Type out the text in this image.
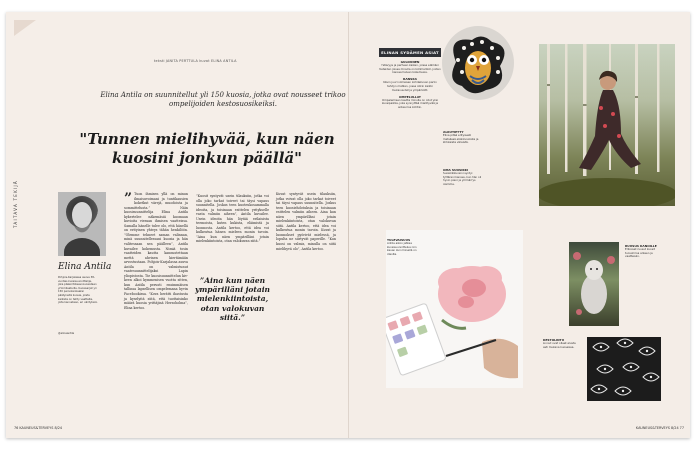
teksti JANITA PERTTULA kuvat ELINA ANTILA
Elina Antila on suunnitellut yli 150 kuosia, jotka ovat nousseet trikoo ompelijoiden kestosuosikeiksi.
"Tunnen mielihyvää, kun näen kuosini jonkun päällä"
TAITAVA TEKIJÄ
Elina Antila
Pohjois-Karjalassa asuva 38-vuotias kuosisuunnittelija, joka pääsiirtoteesi-kuosistaan yrtomilaatuilla. Kuosisarjat yli 150 painokankaaksi päätyneitä kuosia, joista kaikista on tehty vaatteita, joita kannetaan, eri värityksiä.
@elinaantila
” Tuon ihmisen yllä on minun ilmaisuvoimani ja tuntikausien koketkut värejä, muodoista ja sommittelusta.” Näin kuosisuunnittelija Elina Antila kykertelee näkemäsiä kuomaan kuvioita vieraan ihmisen vaatteissa. Samalla hänelle tulee olo, että hänellä on erityinen yhteys tähän henkilöön. ”Olemme tehneet saman valinnan, minä suunnitellessani kuosia ja hän valitessaan sen päälleen”, Antila kuvailee kokemusta. Nimiä tosin vaatteiden kautta kannustettaan mettä ahvinen kiertämään arvostustaan. Pohjois-Karjalassa asuva Antila on valmistunut vaatesuunnittelijaksi Lapin yliopistosta. Tie kuosisuunnittelun kiv-keen alkoi kymmenisen vuotta sitten, kun Antila perusti ensimmäisen tallinsa lapsellisen ompelemana hyvin Facebookissa. ”Kova herätti ihastusta ja kyselyitä siitä, että tuottaisinko määrä kuosia yrittäjinä Hersoholma”, Elina kertoo.
”Kuosit syntyvät usein tilauksiin, jotka voi olla joko tarkat toiveet tai täysi vapaus suunnitella. Joskus teen kuoteukosammalla ideoita, ja toisinaan esittelen yritykselle vasta valmiin aiheen”, Antila kuvailee. Usein ideoita hän löytää erilaisista teemoista, kuten kukista, eläimistä ja luonnosta. Antila kertoo, että idea voi kulkeutua hänen mieleen monin tavoin. ”Aina kun näen ympärilläni jotain mielenkiintoista, otan valokuvan siitä.”
”Aina kun näen ympärilläni jotain mielenkiintoista, otan valokuvan siitä.”
Kuvat syntyvät usein tilauksiin, jotka voivat olla joko tarkat toiveet tai täysi vapaus suunnitella. Joskus teen kuosiehdotuksia ja toisinaan esittelen valmiin aiheen. Aina kun näen ympärilläni jotain mielenkiintoista, otan valokuvan siitä. Antila kertoo, että idea voi kulkeutua monin tavoin. Kuvat ja luonnokset pyörivät mielessä, ja lopulta ne siirtyvät paperille. ”Kun kuosi on valmis, minulla on siitä mielihyvä olo”, Antila kertoo.
76 KAUNEUS&TERVEYS 8/24
ELINAN SYDÄMEN ASIAT
GULDUNEN
Ystävyys ja perheen kaiken, joissa elämäni tieteiden joissa minulla on kotimarikot, joiden kanssa haluan kokemusia.
RANSKA
Kävin juuri viimeisen kohdekuvan pariin tehdyn matkan, jossa olikin kaikki mukavuudet ja ympäristöt.
OMPELULLAT
Ompelemisen kautta minulle on ollut yksi kuosipaikka, joka synnyttää mielihyvää ja antaa iloa kohtiin.
ALKUTIETTY
Elina pitää erityisesti metsässä eläinkuvioista ja kirkkaista väreistä.
OMA SUOSIKKI
Suosikkikuosini syntyi tyttäreni kanssa, kun hän oli hyvin pieni ja ymmärrys olemme.
TULEVAISUUS
Antila aikoo jatkaa kuosisuunnittelua niin kauan kuin hänellä on ideoita.
RUUSUA KANOILLE
Erikoiset ruusut kuosit tuovat iloa arkeen ja vaatteisiin.
KESTOLINTU
Linnut ovat olleet alusta asti mukana kuoseissa.
KAUNEUS&TERVEYS 8/24 77
